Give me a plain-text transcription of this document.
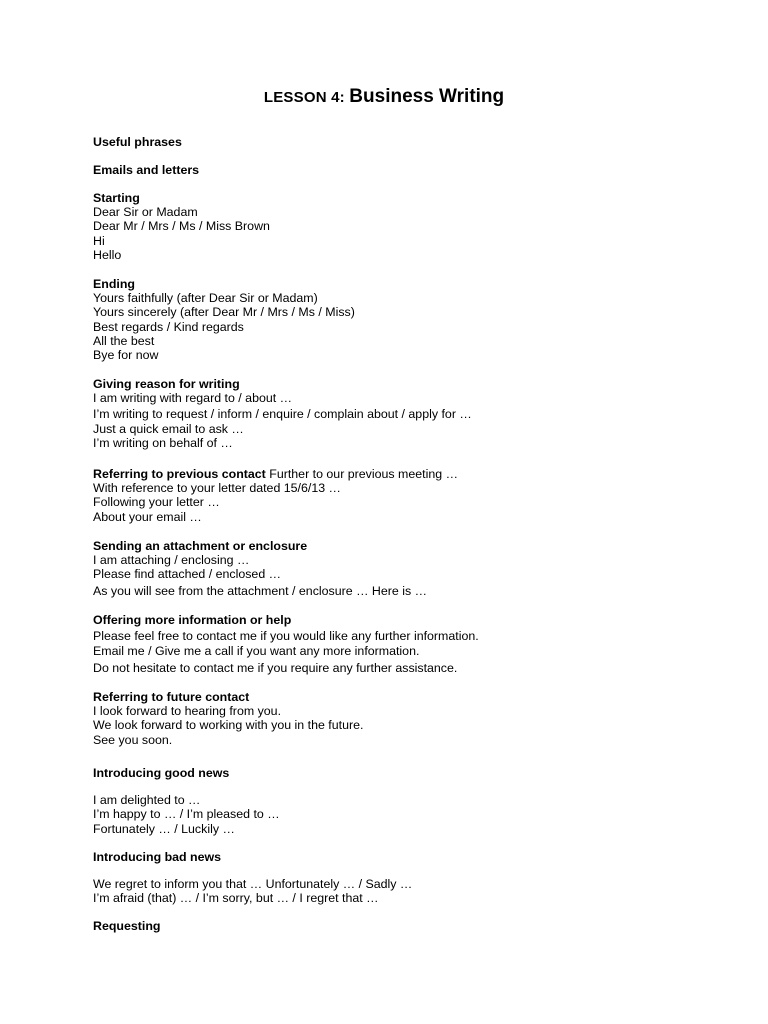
LESSON 4: Business Writing
Useful phrases
Emails and letters
Starting
Dear Sir or Madam
Dear Mr / Mrs / Ms / Miss Brown
Hi
Hello
Ending
Yours faithfully (after Dear Sir or Madam)
Yours sincerely (after Dear Mr / Mrs / Ms / Miss)
Best regards / Kind regards
All the best
Bye for now
Giving reason for writing
I am writing with regard to / about …
I’m writing to request / inform / enquire / complain about / apply for …
Just a quick email to ask …
I’m writing on behalf of …
Referring to previous contact Further to our previous meeting …
With reference to your letter dated 15/6/13 …
Following your letter …
About your email …
Sending an attachment or enclosure
I am attaching / enclosing …
Please find attached / enclosed …
As you will see from the attachment / enclosure … Here is …
Offering more information or help
Please feel free to contact me if you would like any further information.
Email me / Give me a call if you want any more information.
Do not hesitate to contact me if you require any further assistance.
Referring to future contact
I look forward to hearing from you.
We look forward to working with you in the future.
See you soon.
Introducing good news
I am delighted to …
I’m happy to … / I’m pleased to …
Fortunately … / Luckily …
Introducing bad news
We regret to inform you that … Unfortunately … / Sadly …
I’m afraid (that) … / I’m sorry, but … / I regret that …
Requesting
